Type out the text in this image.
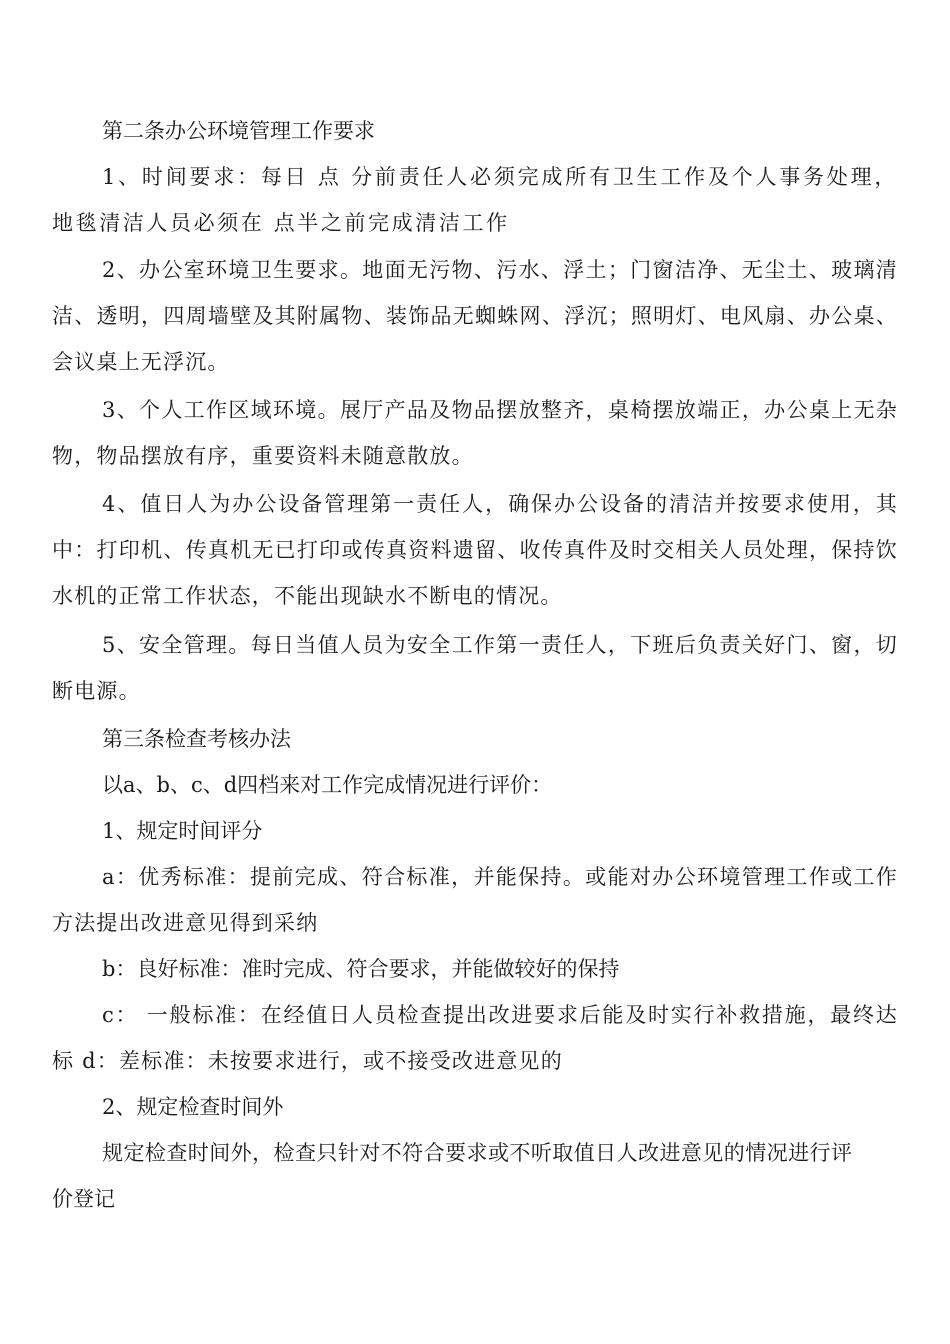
第二条办公环境管理工作要求

1、时间要求：每日 点 分前责任人必须完成所有卫生工作及个人事务处理，地毯清洁人员必须在 点半之前完成清洁工作

2、办公室环境卫生要求。地面无污物、污水、浮土；门窗洁净、无尘土、玻璃清洁、透明，四周墙壁及其附属物、装饰品无蜘蛛网、浮沉；照明灯、电风扇、办公桌、会议桌上无浮沉。

3、个人工作区域环境。展厅产品及物品摆放整齐，桌椅摆放端正，办公桌上无杂物，物品摆放有序，重要资料未随意散放。

4、值日人为办公设备管理第一责任人，确保办公设备的清洁并按要求使用，其中：打印机、传真机无已打印或传真资料遗留、收传真件及时交相关人员处理，保持饮水机的正常工作状态，不能出现缺水不断电的情况。

5、安全管理。每日当值人员为安全工作第一责任人，下班后负责关好门、窗，切断电源。

第三条检查考核办法

以a、b、c、d四档来对工作完成情况进行评价：

1、规定时间评分

a：优秀标准：提前完成、符合标准，并能保持。或能对办公环境管理工作或工作方法提出改进意见得到采纳

b：良好标准：准时完成、符合要求，并能做较好的保持

c： 一般标准：在经值日人员检查提出改进要求后能及时实行补救措施，最终达标 d：差标准：未按要求进行，或不接受改进意见的

2、规定检查时间外

规定检查时间外，检查只针对不符合要求或不听取值日人改进意见的情况进行评价登记
